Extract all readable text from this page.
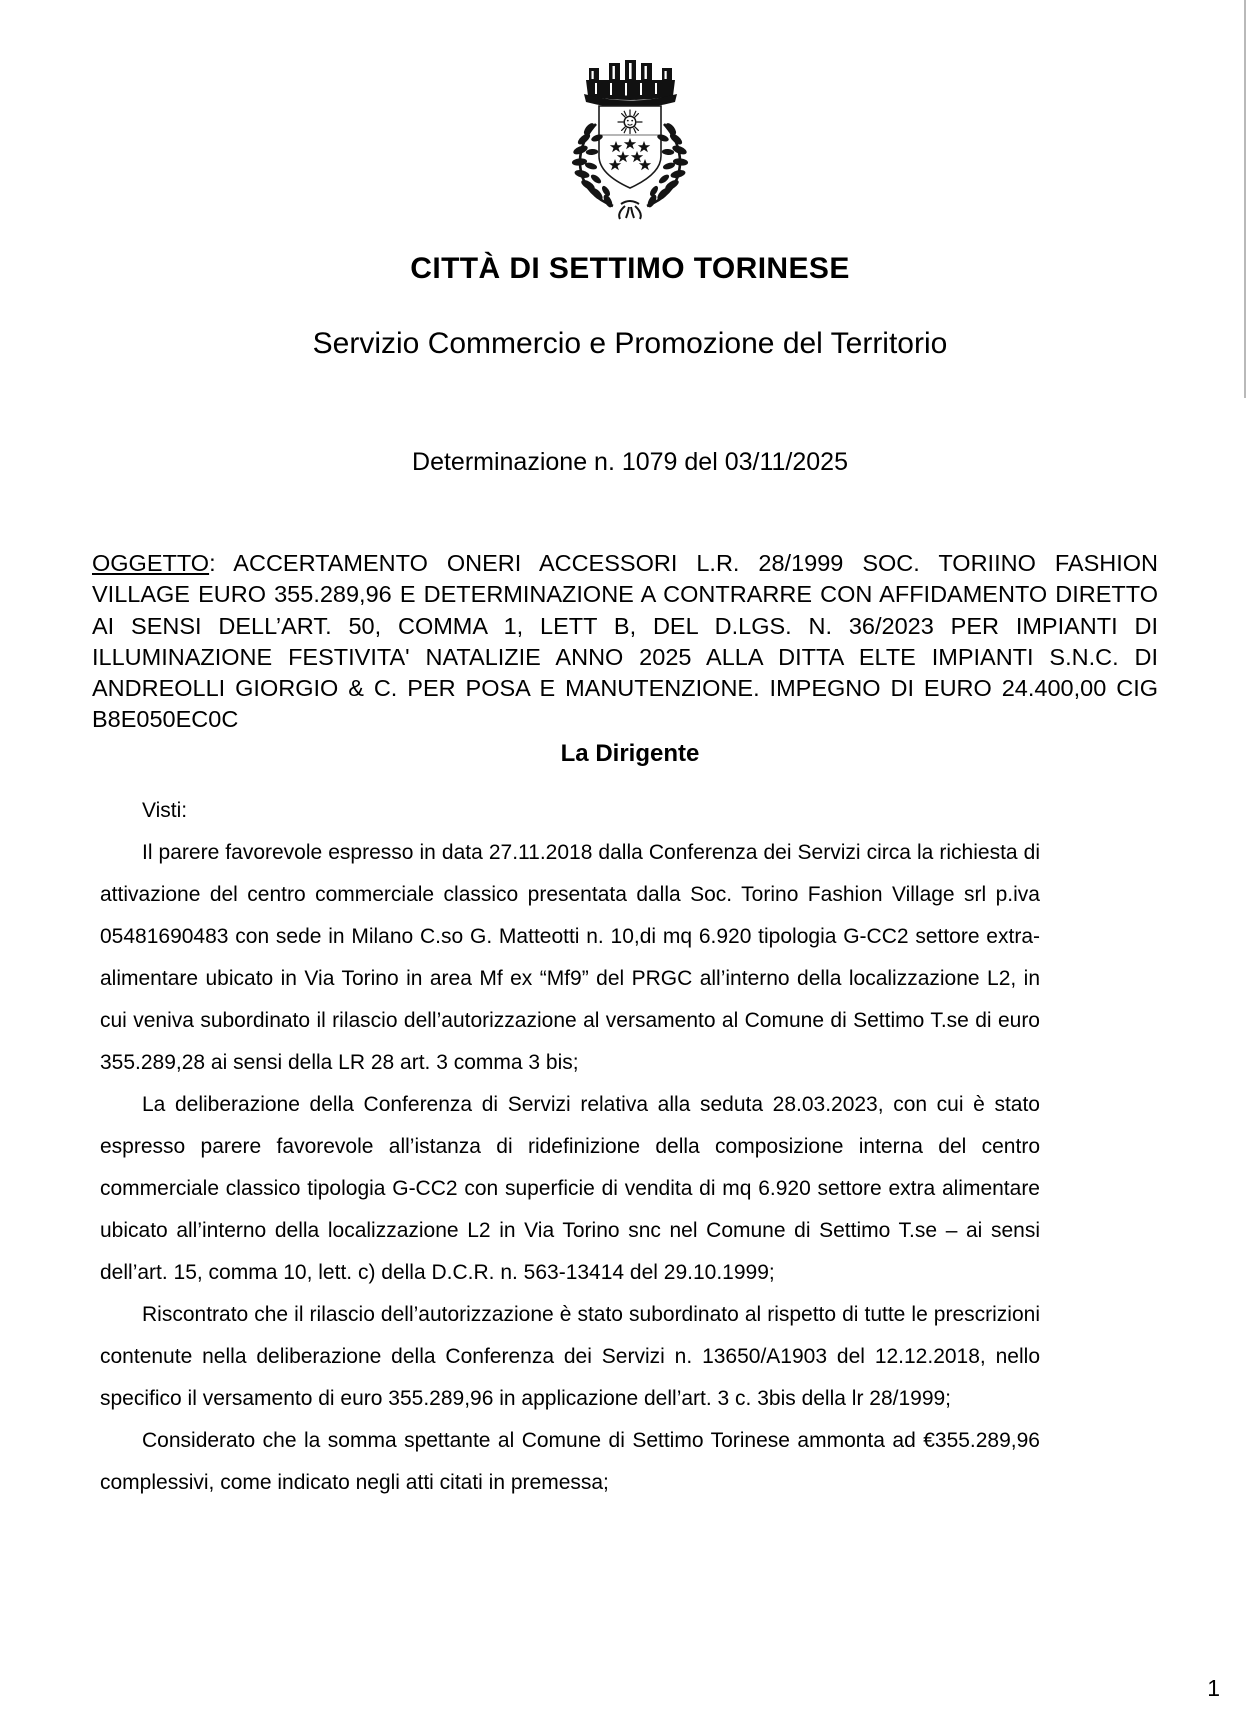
CITTÀ DI SETTIMO TORINESE
Servizio Commercio e Promozione del Territorio
Determinazione n. 1079 del 03/11/2025
OGGETTO: ACCERTAMENTO ONERI ACCESSORI L.R. 28/1999 SOC. TORIINO FASHION VILLAGE EURO 355.289,96 E DETERMINAZIONE A CONTRARRE CON AFFIDAMENTO DIRETTO AI SENSI DELL’ART. 50, COMMA 1, LETT B, DEL D.LGS. N. 36/2023 PER IMPIANTI DI ILLUMINAZIONE FESTIVITA' NATALIZIE ANNO 2025 ALLA DITTA ELTE IMPIANTI S.N.C. DI ANDREOLLI GIORGIO & C. PER POSA E MANUTENZIONE. IMPEGNO DI EURO 24.400,00 CIG B8E050EC0C
La Dirigente

Visti:

Il parere favorevole espresso in data 27.11.2018 dalla Conferenza dei Servizi circa la richiesta di attivazione del centro commerciale classico presentata dalla Soc. Torino Fashion Village srl p.iva 05481690483 con sede in Milano C.so G. Matteotti n. 10,di mq 6.920 tipologia G-CC2 settore extra-alimentare ubicato in Via Torino in area Mf ex “Mf9” del PRGC all’interno della localizzazione L2, in cui veniva subordinato il rilascio dell’autorizzazione al versamento al Comune di Settimo T.se di euro 355.289,28 ai sensi della LR 28 art. 3 comma 3 bis;

La deliberazione della Conferenza di Servizi relativa alla seduta 28.03.2023, con cui è stato espresso parere favorevole all’istanza di ridefinizione della composizione interna del centro commerciale classico tipologia G-CC2 con superficie di vendita di mq 6.920 settore extra alimentare ubicato all’interno della localizzazione L2 in Via Torino snc nel Comune di Settimo T.se – ai sensi dell’art. 15, comma 10, lett. c) della D.C.R. n. 563-13414 del 29.10.1999;

Riscontrato che il rilascio dell’autorizzazione è stato subordinato al rispetto di tutte le prescrizioni contenute nella deliberazione della Conferenza dei Servizi n. 13650/A1903 del 12.12.2018, nello specifico il versamento di euro 355.289,96 in applicazione dell’art. 3 c. 3bis della lr 28/1999;

Considerato che la somma spettante al Comune di Settimo Torinese ammonta ad €355.289,96 complessivi, come indicato negli atti citati in premessa;

1
